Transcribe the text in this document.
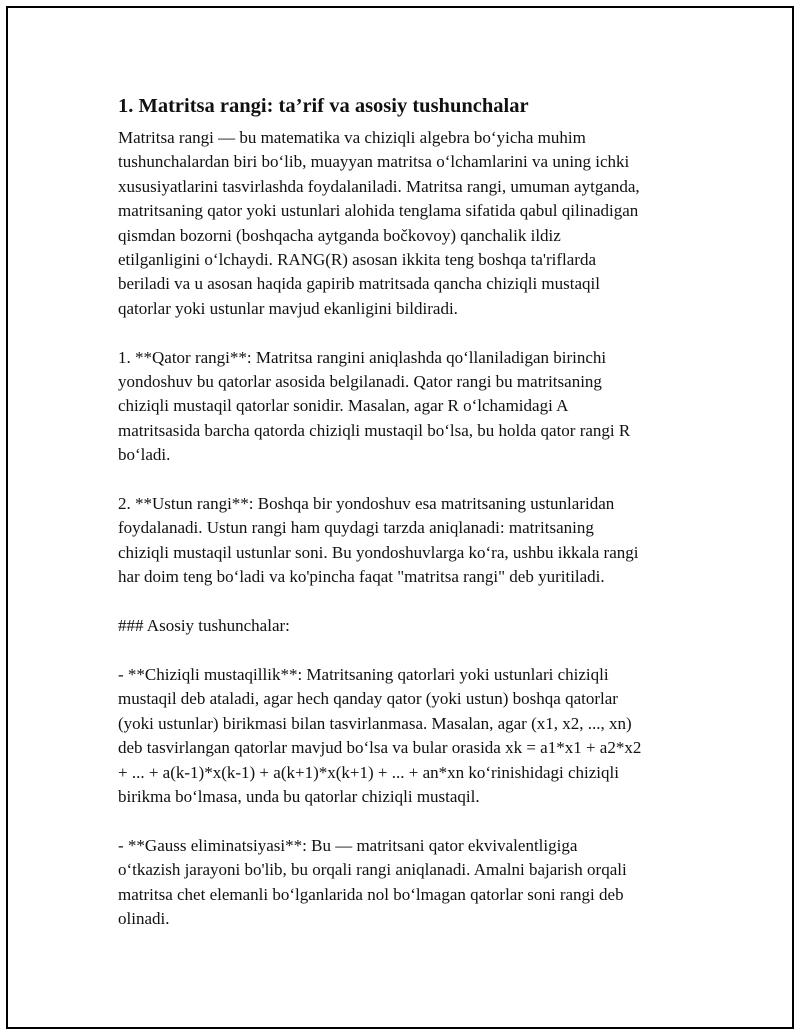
1. Matritsa rangi: ta’rif va asosiy tushunchalar

Matritsa rangi — bu matematika va chiziqli algebra bo‘yicha muhim
tushunchalardan biri bo‘lib, muayyan matritsa o‘lchamlarini va uning ichki
xususiyatlarini tasvirlashda foydalaniladi. Matritsa rangi, umuman aytganda,
matritsaning qator yoki ustunlari alohida tenglama sifatida qabul qilinadigan
qismdan bozorni (boshqacha aytganda bočkovoy) qanchalik ildiz
etilganligini o‘lchaydi. RANG(R) asosan ikkita teng boshqa ta'riflarda
beriladi va u asosan haqida gapirib matritsada qancha chiziqli mustaqil
qatorlar yoki ustunlar mavjud ekanligini bildiradi.

1. **Qator rangi**: Matritsa rangini aniqlashda qo‘llaniladigan birinchi
yondoshuv bu qatorlar asosida belgilanadi. Qator rangi bu matritsaning
chiziqli mustaqil qatorlar sonidir. Masalan, agar R o‘lchamidagi A
matritsasida barcha qatorda chiziqli mustaqil bo‘lsa, bu holda qator rangi R
bo‘ladi.

2. **Ustun rangi**: Boshqa bir yondoshuv esa matritsaning ustunlaridan
foydalanadi. Ustun rangi ham quydagi tarzda aniqlanadi: matritsaning
chiziqli mustaqil ustunlar soni. Bu yondoshuvlarga ko‘ra, ushbu ikkala rangi
har doim teng bo‘ladi va ko'pincha faqat "matritsa rangi" deb yuritiladi.

### Asosiy tushunchalar:

- **Chiziqli mustaqillik**: Matritsaning qatorlari yoki ustunlari chiziqli
mustaqil deb ataladi, agar hech qanday qator (yoki ustun) boshqa qatorlar
(yoki ustunlar) birikmasi bilan tasvirlanmasa. Masalan, agar (x1, x2, ..., xn)
deb tasvirlangan qatorlar mavjud bo‘lsa va bular orasida xk = a1*x1 + a2*x2
+ ... + a(k-1)*x(k-1) + a(k+1)*x(k+1) + ... + an*xn ko‘rinishidagi chiziqli
birikma bo‘lmasa, unda bu qatorlar chiziqli mustaqil.

- **Gauss eliminatsiyasi**: Bu — matritsani qator ekvivalentligiga
o‘tkazish jarayoni bo'lib, bu orqali rangi aniqlanadi. Amalni bajarish orqali
matritsa chet elemanli bo‘lganlarida nol bo‘lmagan qatorlar soni rangi deb
olinadi.
